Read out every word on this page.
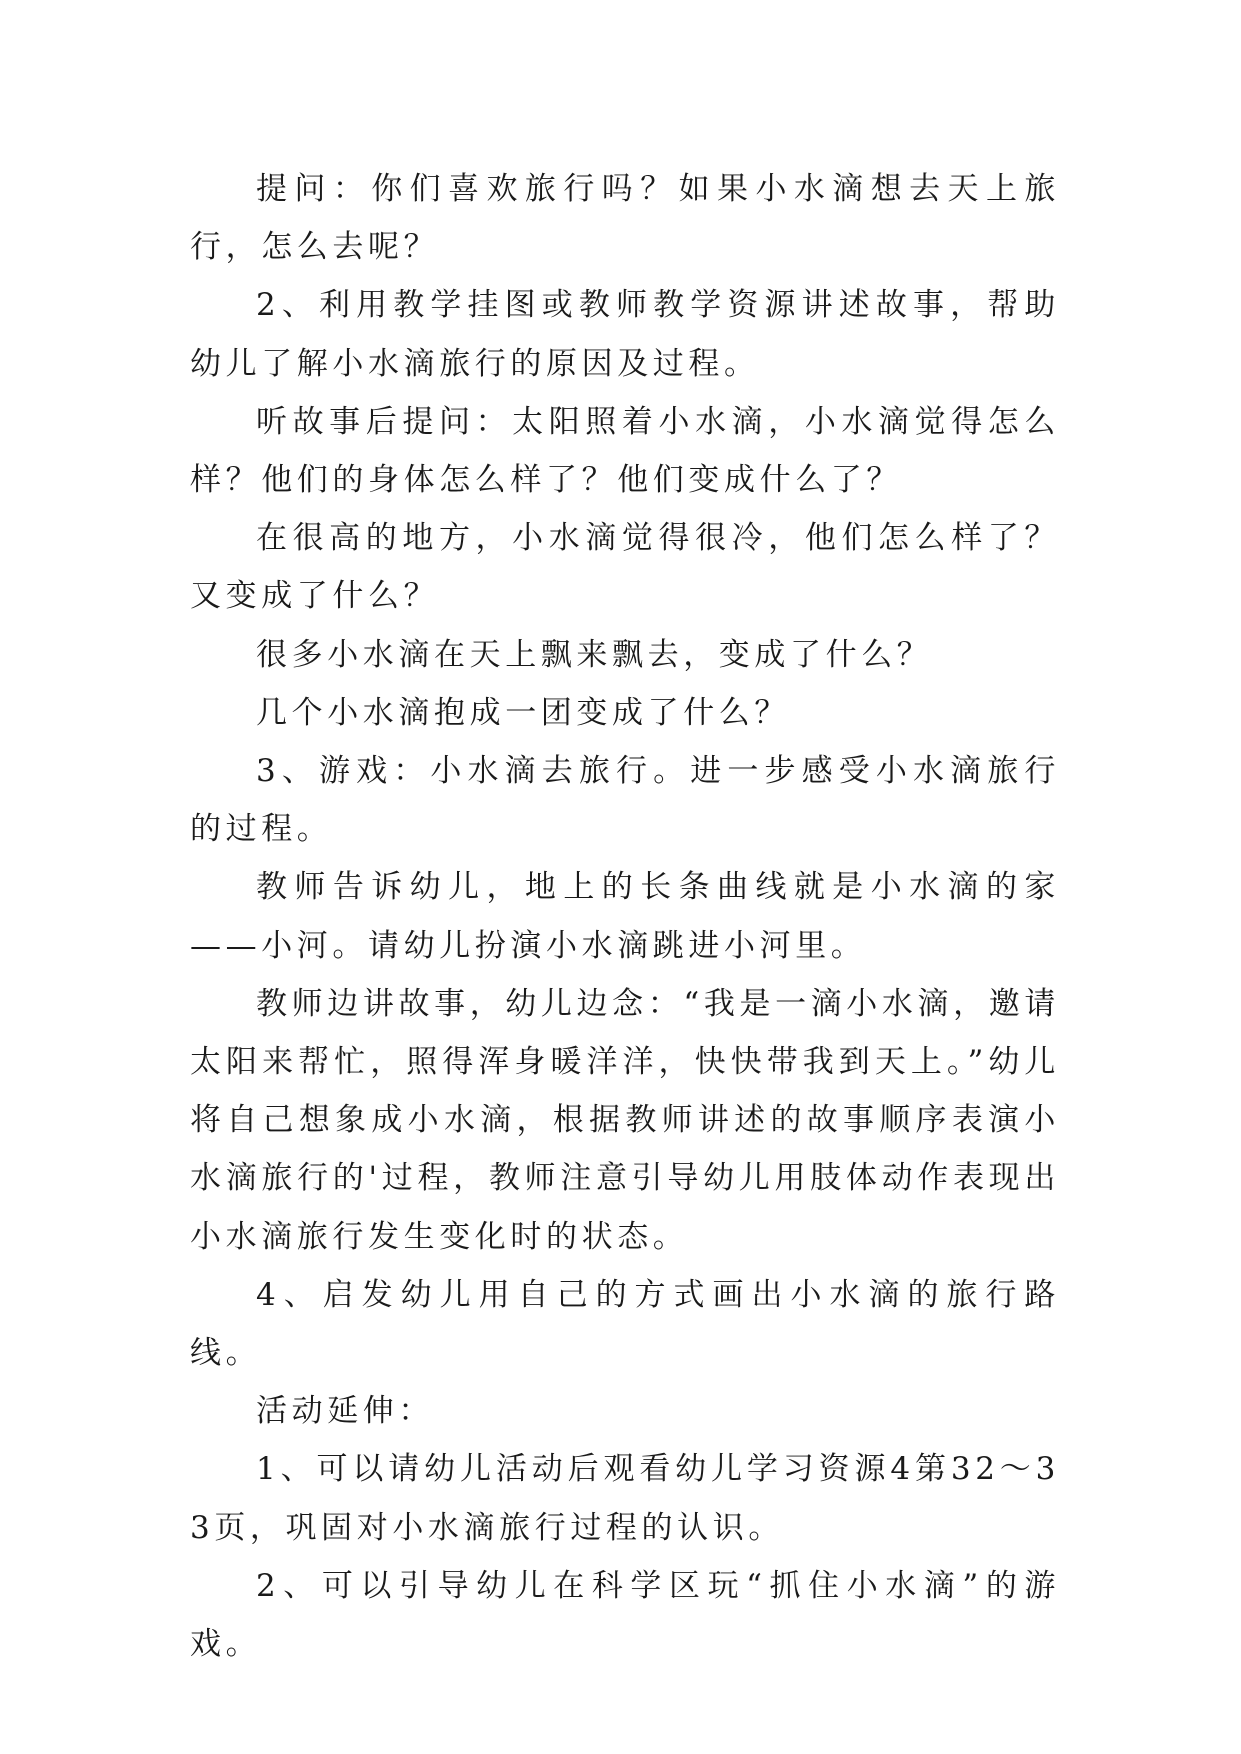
提问：你们喜欢旅行吗？如果小水滴想去天上旅行，怎么去呢？

2、利用教学挂图或教师教学资源讲述故事，帮助幼儿了解小水滴旅行的原因及过程。

听故事后提问：太阳照着小水滴，小水滴觉得怎么样？他们的身体怎么样了？他们变成什么了？

在很高的地方，小水滴觉得很冷，他们怎么样了？又变成了什么？

很多小水滴在天上飘来飘去，变成了什么？

几个小水滴抱成一团变成了什么？

3、游戏：小水滴去旅行。进一步感受小水滴旅行的过程。

教师告诉幼儿，地上的长条曲线就是小水滴的家——小河。请幼儿扮演小水滴跳进小河里。

教师边讲故事，幼儿边念：“我是一滴小水滴，邀请太阳来帮忙，照得浑身暖洋洋，快快带我到天上。”幼儿将自己想象成小水滴，根据教师讲述的故事顺序表演小水滴旅行的'过程，教师注意引导幼儿用肢体动作表现出小水滴旅行发生变化时的状态。

4、启发幼儿用自己的方式画出小水滴的旅行路线。

活动延伸：

1、可以请幼儿活动后观看幼儿学习资源4第32～33页，巩固对小水滴旅行过程的认识。

2、可以引导幼儿在科学区玩“抓住小水滴”的游戏。
